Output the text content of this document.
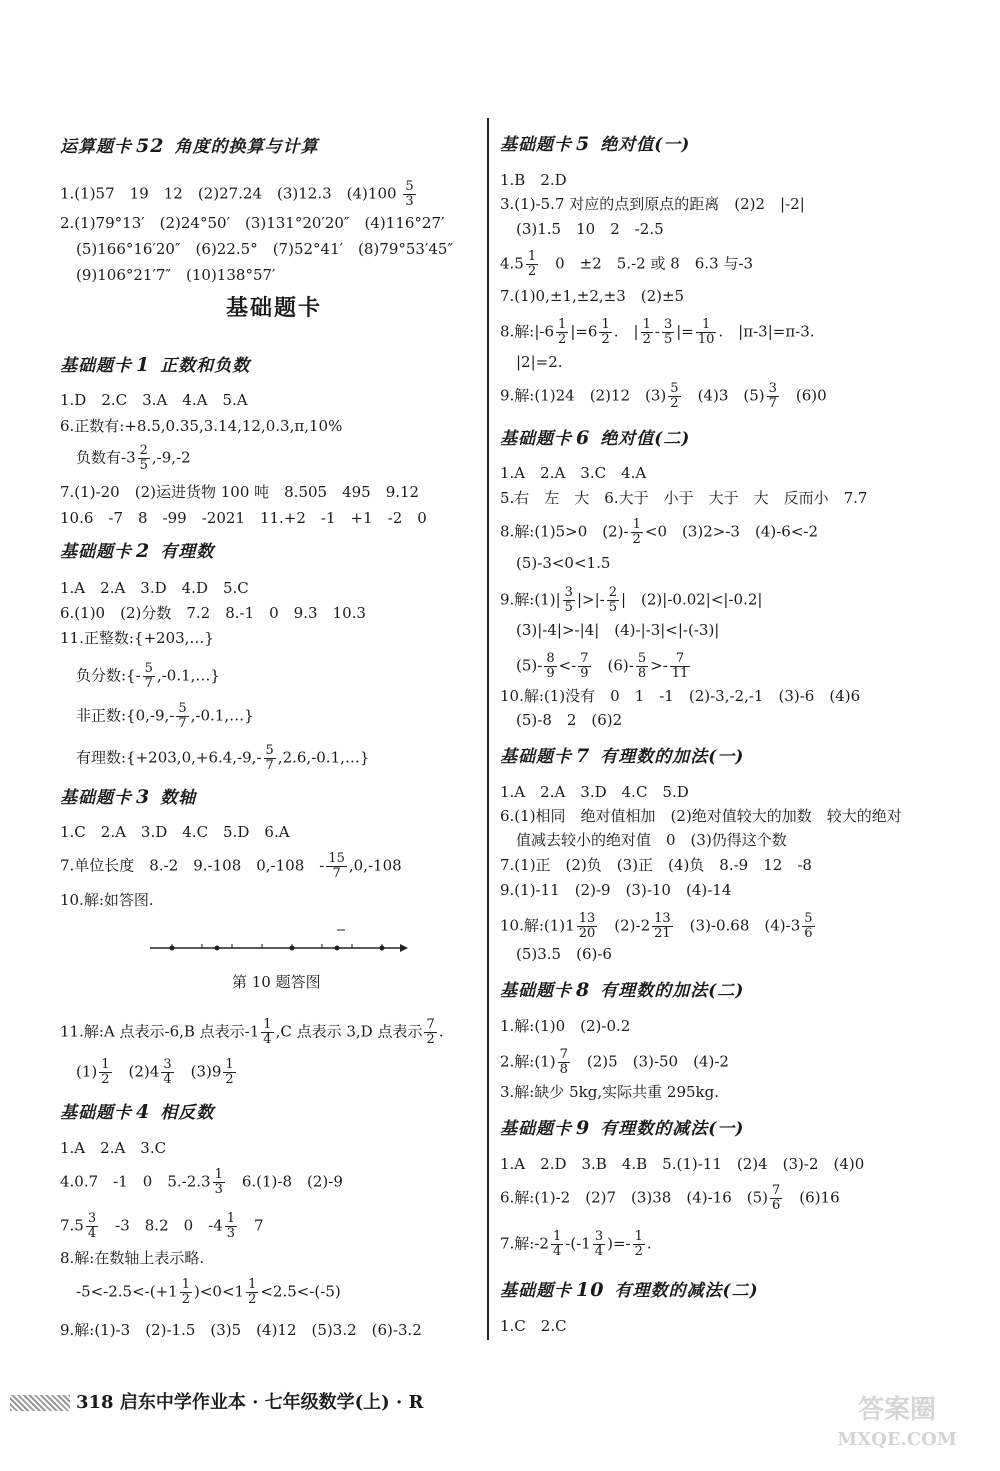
运算题卡 52 角度的换算与计算
1.(1)57　19　12　(2)27.24　(3)12.3　$(4)100 \frac{5}{3}$
2.(1)79°13′　(2)24°50′　(3)131°20′20″　(4)116°27′
(5)166°16′20″　(6)22.5°　(7)52°41′　(8)79°53′45″
(9)106°21′7″　(10)138°57′
基础题卡
基础题卡 1 正数和负数
1.D　2.C　3.A　4.A　5.A
6.正数有:+8.5,0.35,3.14,12,0.3,π,10%
负数有$-3 \frac{2}{5} ,-9,-2$
7.(1)-20　(2)运进货物 100 吨　8.505　495　9.12
10.6　-7　8　-99　-2021　11.+2　-1　+1　-2　0
基础题卡 2 有理数
1.A　2.A　3.D　4.D　5.C
6.(1)0　(2)分数　7.2　8.-1　0　9.3　10.3
11.正整数:{+203,…}
负分数:{- $\frac{5}{7}$ ,-0.1,…}
非正数:{0,-9,- $\frac{5}{7}$ ,-0.1,…}
有理数:{+203,0,+6.4,-9,- $\frac{5}{7}$ ,2.6,-0.1,…}
基础题卡 3 数轴
1.C　2.A　3.D　4.C　5.D　6.A
7.单位长度　8.-2　9.-108　0,-108　- $\frac{15}{7} ,0,-108$
10.解:如答图.
第 10 题答图
11.解:A 点表示-6,B 点表示$-1 \frac{1}{4} ,C$ 点表示 3,D 点表示 $\frac{7}{2}$ .
$(1) \frac{1}{2}$ 　$(2)4 \frac{3}{4}$ 　$(3)9 \frac{1}{2}$
基础题卡 4 相反数
1.A　2.A　3.C
4.0.7　-1　0　$5.-2.3 \frac{1}{3}$ 　6.(1)-8　(2)-9
$7.5 \frac{3}{4}$ 　-3　8.2　0　$-4 \frac{1}{3}$ 　7
8.解:在数轴上表示略.
$-5<-2.5<-(+1 \frac{1}{2} )<0<1 \frac{1}{2} <2.5<-(-5)$
9.解:(1)-3　(2)-1.5　(3)5　(4)12　(5)3.2　(6)-3.2
基础题卡 5 绝对值(一)
1.B　2.D
3.(1)-5.7 对应的点到原点的距离　(2)2　|-2|
(3)1.5　10　2　-2.5
$4.5 \frac{1}{2}$ 　0　±2　5.-2 或 8　6.3 与-3
7.(1)0,±1,±2,±3　(2)±5
8.解:|-6 $\frac{1}{2} |=6 \frac{1}{2}$ .　| $\frac{1}{2} - \frac{3}{5}$ |= $\frac{1}{10}$ .　|π-3|=π-3.
|2|=2.
9.解:(1)24　(2)12　$(3) \frac{5}{2}$ 　(4)3　$(5) \frac{3}{7}$ 　(6)0
基础题卡 6 绝对值(二)
1.A　2.A　3.C　4.A
5.右　左　大　6.大于　小于　大于　大　反而小　7.7
8.解:(1)5>0　$(2)- \frac{1}{2} <0$　(3)2>-3　(4)-6<-2
(5)-3<0<1.5
9.解:(1)| $\frac{3}{5}$ |>|- $\frac{2}{5}$ |　(2)|-0.02|<|-0.2|
(3)|-4|>-|4|　(4)-|-3|<|-(-3)|
$(5)- \frac{8}{9} <- \frac{7}{9}$ 　$(6)- \frac{5}{8} >- \frac{7}{11}$
10.解:(1)没有　0　1　-1　(2)-3,-2,-1　(3)-6　(4)6
(5)-8　2　(6)2
基础题卡 7 有理数的加法(一)
1.A　2.A　3.D　4.C　5.D
6.(1)相同　绝对值相加　(2)绝对值较大的加数　较大的绝对
值减去较小的绝对值　0　(3)仍得这个数
7.(1)正　(2)负　(3)正　(4)负　8.-9　12　-8
9.(1)-11　(2)-9　(3)-10　(4)-14
10.解:(1)1 $\frac{13}{20}$ 　$(2)-2 \frac{13}{21}$ 　(3)-0.68　$(4)-3 \frac{5}{6}$
(5)3.5　(6)-6
基础题卡 8 有理数的加法(二)
1.解:(1)0　(2)-0.2
2.解:(1) $\frac{7}{8}$ 　(2)5　(3)-50　(4)-2
3.解:缺少 5kg,实际共重 295kg.
基础题卡 9 有理数的减法(一)
1.A　2.D　3.B　4.B　5.(1)-11　(2)4　(3)-2　(4)0
6.解:(1)-2　(2)7　(3)38　(4)-16　$(5) \frac{7}{6}$ 　(6)16
7.解:-2 $\frac{1}{4} -(-1 \frac{3}{4}$ )=- $\frac{1}{2}$ .
基础题卡 10 有理数的减法(二)
1.C　2.C
318 启东中学作业本 · 七年级数学(上) · R	答案圈
MXQE.COM
